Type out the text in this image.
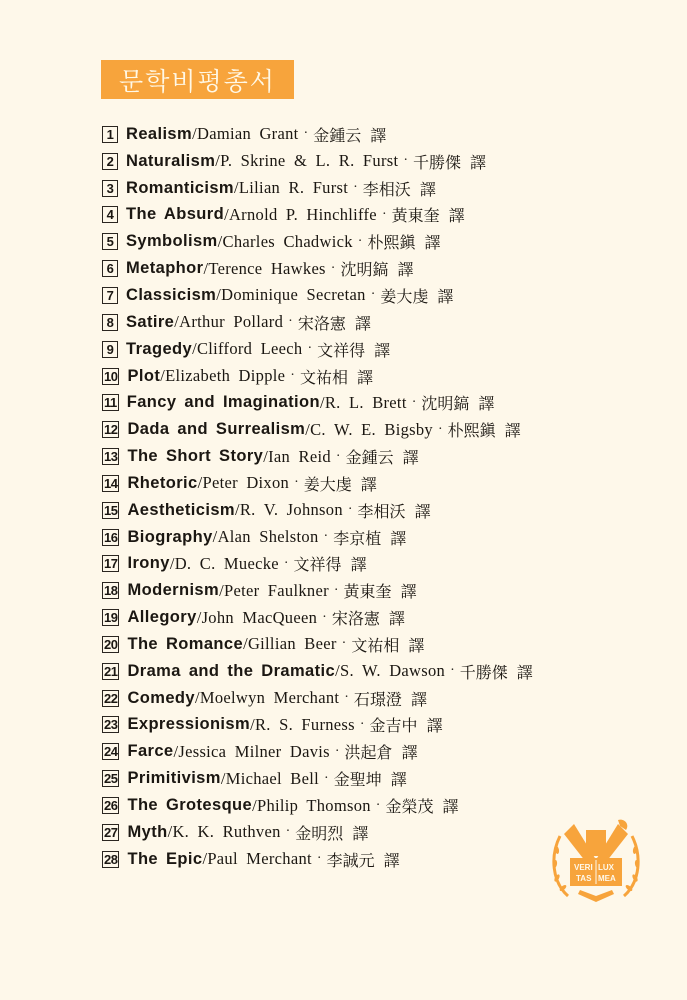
문학비평총서
1 Realism /Damian Grant · 金鍾云 譯
2 Naturalism /P. Skrine & L. R. Furst · 千勝傑 譯
3 Romanticism /Lilian R. Furst · 李相沃 譯
4 The Absurd /Arnold P. Hinchliffe · 黃東奎 譯
5 Symbolism /Charles Chadwick · 朴熙鎭 譯
6 Metaphor /Terence Hawkes · 沈明鎬 譯
7 Classicism /Dominique Secretan · 姜大虔 譯
8 Satire /Arthur Pollard · 宋洛憲 譯
9 Tragedy /Clifford Leech · 文祥得 譯
10 Plot /Elizabeth Dipple · 文祐相 譯
11 Fancy and Imagination /R. L. Brett · 沈明鎬 譯
12 Dada and Surrealism /C. W. E. Bigsby · 朴熙鎭 譯
13 The Short Story /Ian Reid · 金鍾云 譯
14 Rhetoric /Peter Dixon · 姜大虔 譯
15 Aestheticism /R. V. Johnson · 李相沃 譯
16 Biography /Alan Shelston · 李京植 譯
17 Irony /D. C. Muecke · 文祥得 譯
18 Modernism /Peter Faulkner · 黃東奎 譯
19 Allegory /John MacQueen · 宋洛憲 譯
20 The Romance /Gillian Beer · 文祐相 譯
21 Drama and the Dramatic /S. W. Dawson · 千勝傑 譯
22 Comedy /Moelwyn Merchant · 石璟澄 譯
23 Expressionism /R. S. Furness · 金吉中 譯
24 Farce /Jessica Milner Davis · 洪起倉 譯
25 Primitivism /Michael Bell · 金聖坤 譯
26 The Grotesque /Philip Thomson · 金榮茂 譯
27 Myth /K. K. Ruthven · 金明烈 譯
28 The Epic /Paul Merchant · 李誠元 譯	VERI LUX
TAS MEA
